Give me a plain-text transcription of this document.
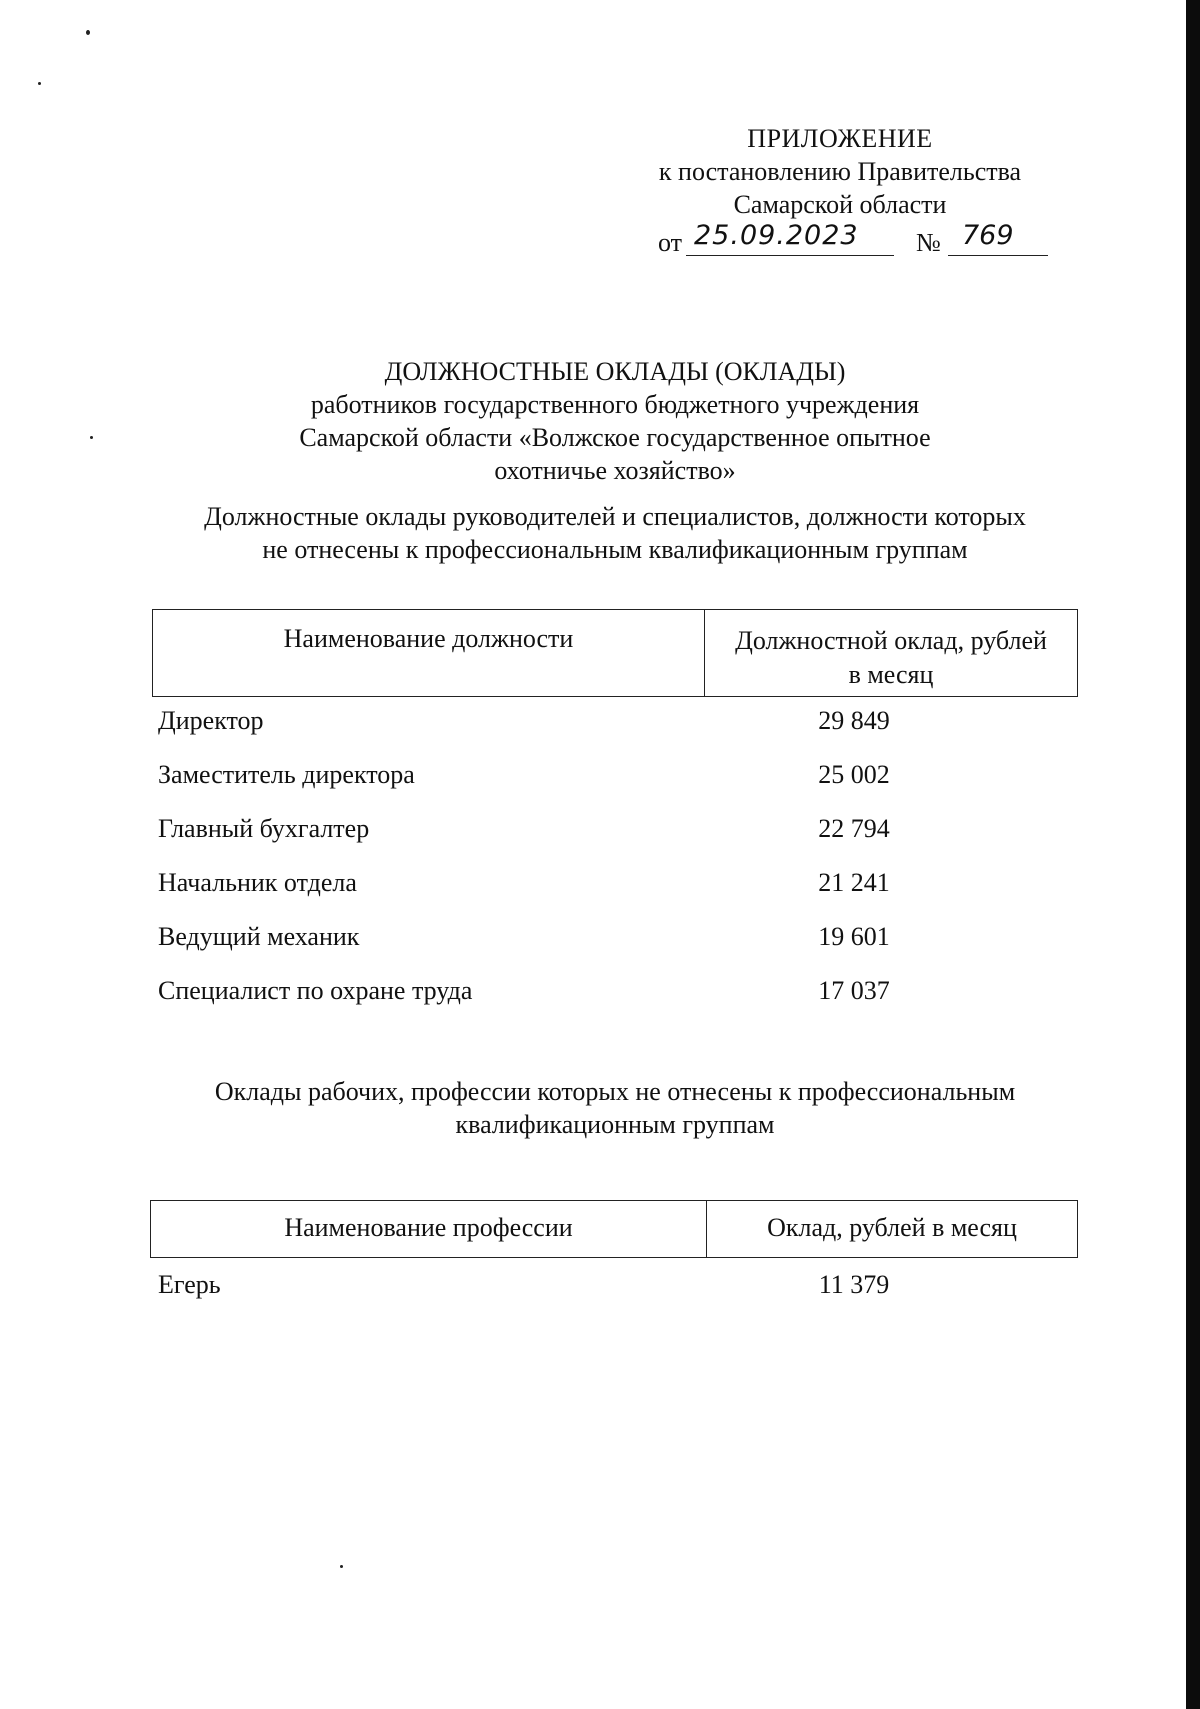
ПРИЛОЖЕНИЕ
к постановлению Правительства
Самарской области
от 25.09.2023	№ 769
ДОЛЖНОСТНЫЕ ОКЛАДЫ (ОКЛАДЫ)
работников государственного бюджетного учреждения
Самарской области «Волжское государственное опытное
охотничье хозяйство»
Должностные оклады руководителей и специалистов, должности которых
не отнесены к профессиональным квалификационным группам
Наименование должности	Должностной оклад, рублей
в месяц
Директор	29 849
Заместитель директора	25 002
Главный бухгалтер	22 794
Начальник отдела	21 241
Ведущий механик	19 601
Специалист по охране труда	17 037
Оклады рабочих, профессии которых не отнесены к профессиональным
квалификационным группам
Наименование профессии	Оклад, рублей в месяц
Егерь	11 379
